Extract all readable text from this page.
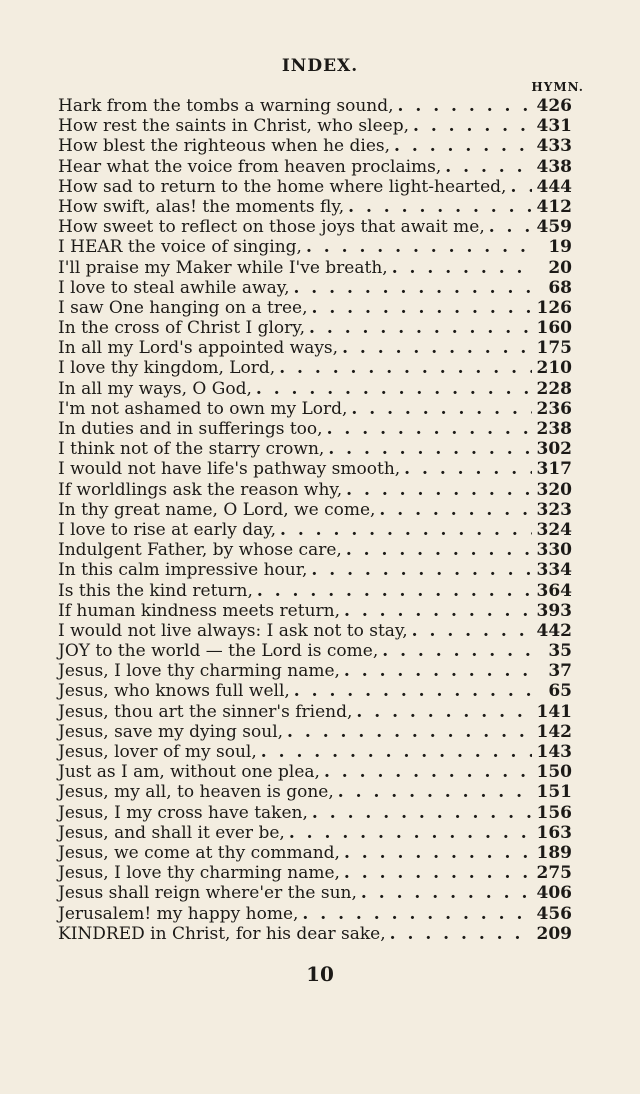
INDEX.
HYMN.
Hark from the tombs a warning sound, . . .	426
How rest the saints in Christ, who sleep, . . .	431
How blest the righteous when he dies, . . .	433
Hear what the voice from heaven proclaims, . . .	438
How sad to return to the home where light-hearted, . . . 444
How swift, alas! the moments fly, . . .	412
How sweet to reflect on those joys that await me, . . .	459
I HEAR the voice of singing, . . .	19
I'll praise my Maker while I've breath, . . .	20
I love to steal awhile away, . . .	68
I saw One hanging on a tree, . . .	126
In the cross of Christ I glory, . . .	160
In all my Lord's appointed ways, . . .	175
I love thy kingdom, Lord, . . .	210
In all my ways, O God, . . .	228
I'm not ashamed to own my Lord, . . .	236
In duties and in sufferings too, . . .	238
I think not of the starry crown, . . .	302
I would not have life's pathway smooth, . . .	317
If worldlings ask the reason why, . . .	320
In thy great name, O Lord, we come, . . .	323
I love to rise at early day, . . .	324
Indulgent Father, by whose care, . . .	330
In this calm impressive hour, . . .	334
Is this the kind return, . . .	364
If human kindness meets return, . . .	393
I would not live always: I ask not to stay, . . .	442
JOY to the world — the Lord is come, . . .	35
Jesus, I love thy charming name, . . .	37
Jesus, who knows full well, . . .	65
Jesus, thou art the sinner's friend, . . .	141
Jesus, save my dying soul, . . .	142
Jesus, lover of my soul, . . .	143
Just as I am, without one plea, . . .	150
Jesus, my all, to heaven is gone, . . .	151
Jesus, I my cross have taken, . . .	156
Jesus, and shall it ever be, . . .	163
Jesus, we come at thy command, . . .	189
Jesus, I love thy charming name, . . .	275
Jesus shall reign where'er the sun, . . .	406
Jerusalem! my happy home, . . .	456
KINDRED in Christ, for his dear sake, . . .	209
10
